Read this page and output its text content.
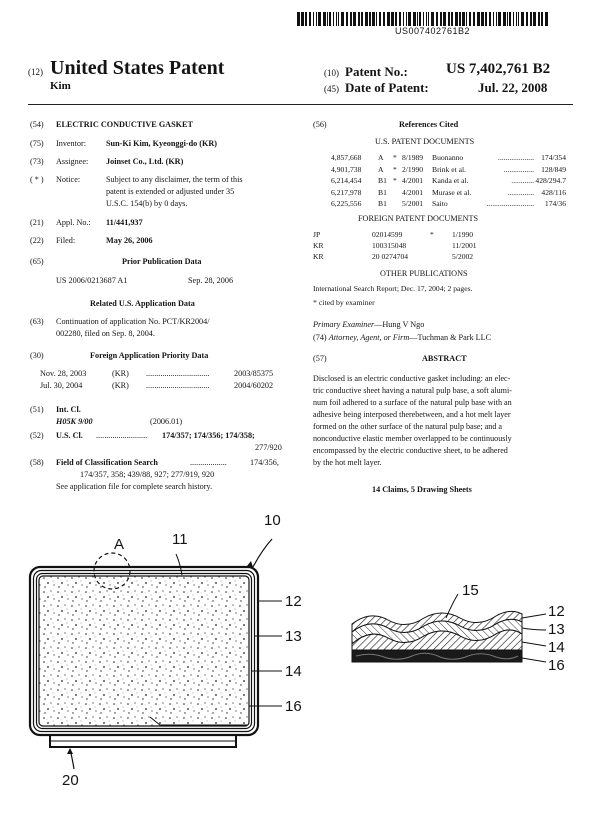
US007402761B2
(12) United States Patent
Kim
(10) Patent No.:	US 7,402,761 B2
(45) Date of Patent:	Jul. 22, 2008
(54) ELECTRIC CONDUCTIVE GASKET
(75) Inventor: Sun-Ki Kim, Kyeonggi-do (KR)
(73) Assignee: Joinset Co., Ltd. (KR)
( * ) Notice:	Subject to any disclaimer, the term of this
patent is extended or adjusted under 35
U.S.C. 154(b) by 0 days.
(21) Appl. No.: 11/441,937
(22) Filed:	May 26, 2006
(65)	Prior Publication Data
US 2006/0213687 A1	Sep. 28, 2006
Related U.S. Application Data
(63) Continuation of application No. PCT/KR2004/
002280, filed on Sep. 8, 2004.
(30)	Foreign Application Priority Data
Nov. 28, 2003	(KR) ...............................	2003/85375
Jul. 30, 2004	(KR) ...............................	2004/60202
(51) Int. Cl.
H05K 9/00	(2006.01)
(52) U.S. Cl. ......................... 174/357; 174/356; 174/358;
277/920
(58) Field of Classification Search	..................	174/356,
174/357, 358; 439/88, 927; 277/919, 920
See application file for complete search history.
(56)	References Cited
U.S. PATENT DOCUMENTS
4,857,668 A * 8/1989 Buonanno	................... 174/354
4,901,738 A * 2/1990 Brink et al.	................ 128/849
6,214,454 B1 * 4/2001 Kanda et al.	............ 428/294.7
6,217,978 B1 4/2001 Murase et al.	.............. 428/116
6,225,556 B1 5/2001 Saito	......................... 174/36
FOREIGN PATENT DOCUMENTS
JP	02014599	* 1/1990
KR	100315048	11/2001
KR	20 0274704	5/2002
OTHER PUBLICATIONS
International Search Report; Dec. 17, 2004; 2 pages.
* cited by examiner
Primary Examiner—Hung V Ngo
(74) Attorney, Agent, or Firm—Tuchman & Park LLC
(57)	ABSTRACT
Disclosed is an electric conductive gasket including: an elec-
tric conductive sheet having a natural pulp base, a soft alumi-
num foil adhered to a surface of the natural pulp base with an
adhesive being interposed therebetween, and a hot melt layer
formed on the other surface of the natural pulp base; and a
nonconductive elastic member overlapped to be continuously
encompassed by the electric conductive sheet, to be adhered
by the hot melt layer.
14 Claims, 5 Drawing Sheets
10
A	11
12
13
14
16
20
15
12
13
14
16
